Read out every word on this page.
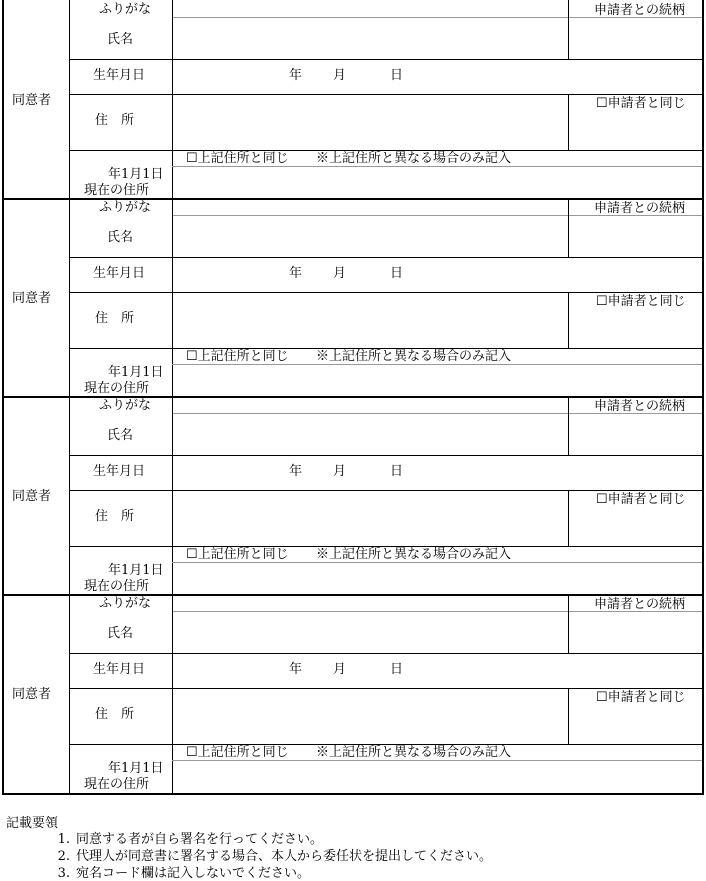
同意者
ふりがな	申請者との続柄
氏名
生年月日	年 月	日
住　所
☐申請者と同じ
☐上記住所と同じ ※上記住所と異なる場合のみ記入
年1月1日
現在の住所
同意者
ふりがな	申請者との続柄
氏名
生年月日	年 月	日
住　所
☐申請者と同じ
☐上記住所と同じ ※上記住所と異なる場合のみ記入
年1月1日
現在の住所
同意者
ふりがな	申請者との続柄
氏名
生年月日	年 月	日
住　所
☐申請者と同じ
☐上記住所と同じ ※上記住所と異なる場合のみ記入
年1月1日
現在の住所
同意者
ふりがな	申請者との続柄
氏名
生年月日	年 月	日
住　所
☐申請者と同じ
☐上記住所と同じ ※上記住所と異なる場合のみ記入
年1月1日
現在の住所
記載要領
1. 同意する者が自ら署名を行ってください。
2. 代理人が同意書に署名する場合、本人から委任状を提出してください。
3. 宛名コード欄は記入しないでください。
